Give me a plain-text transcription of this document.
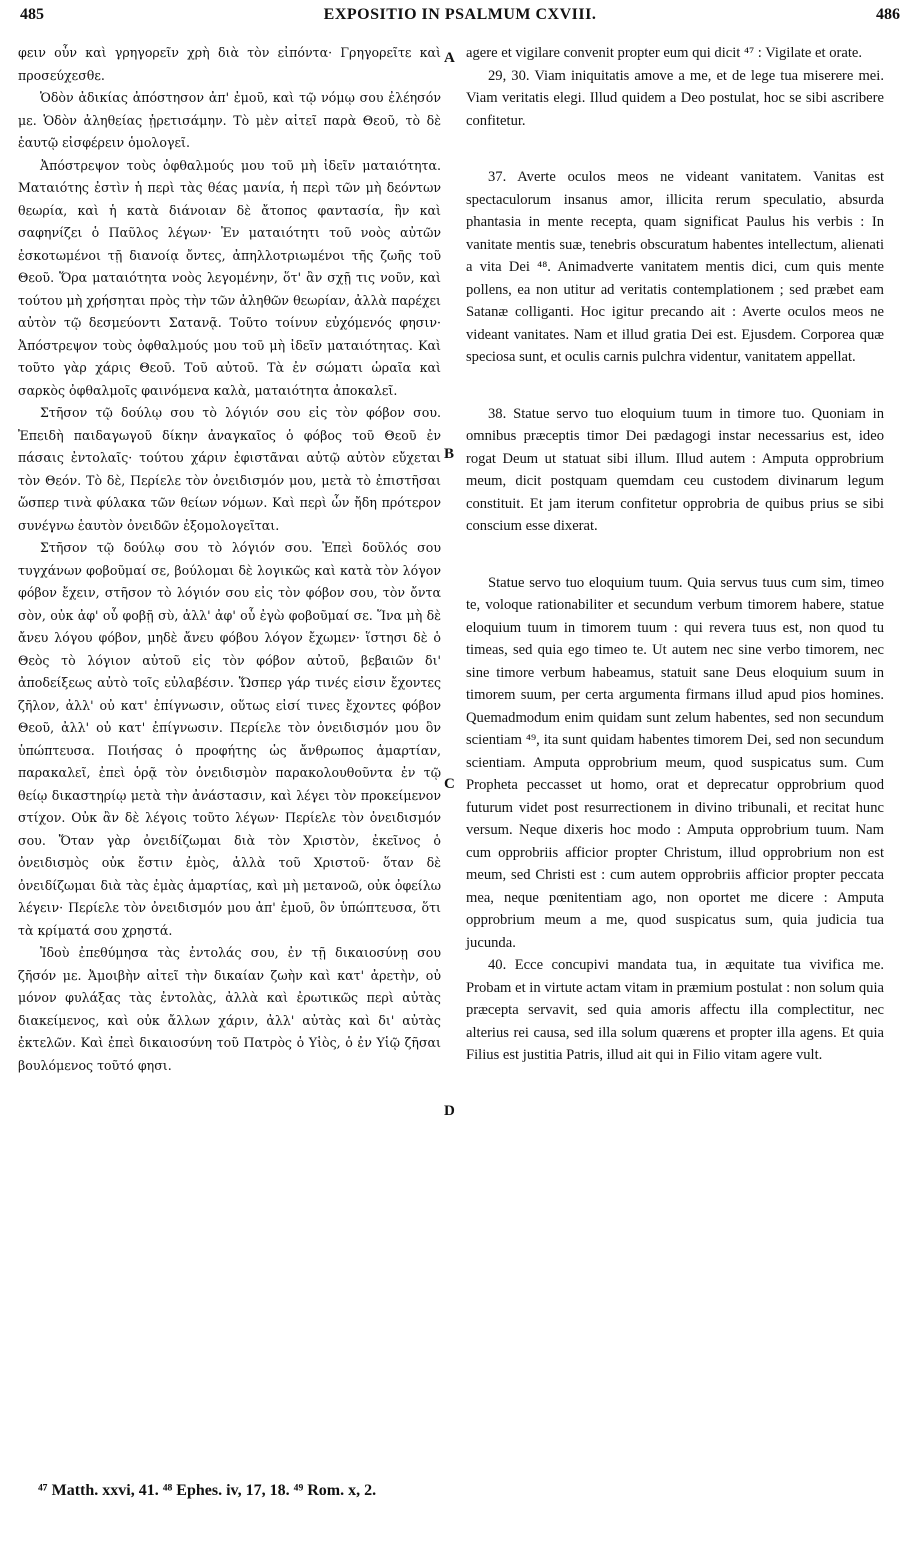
485	EXPOSITIO IN PSALMUM CXVIII.	486

φειν οὖν καὶ γρηγορεῖν χρὴ διὰ τὸν εἰπόντα· Γρηγορεῖτε καὶ προσεύχεσθε.

Ὁδὸν ἀδικίας ἀπόστησον ἀπ' ἐμοῦ, καὶ τῷ νόμῳ σου ἐλέησόν με. Ὁδὸν ἀληθείας ᾑρετισάμην. Τὸ μὲν αἰτεῖ παρὰ Θεοῦ, τὸ δὲ ἑαυτῷ εἰσφέρειν ὁμολογεῖ.

Ἀπόστρεψον τοὺς ὀφθαλμούς μου τοῦ μὴ ἰδεῖν ματαιότητα. Ματαιότης ἐστὶν ἡ περὶ τὰς θέας μανία, ἡ περὶ τῶν μὴ δεόντων θεωρία, καὶ ἡ κατὰ διάνοιαν δὲ ἄτοπος φαντασία, ἣν καὶ σαφηνίζει ὁ Παῦλος λέγων· Ἐν ματαιότητι τοῦ νοὸς αὐτῶν ἐσκοτωμένοι τῇ διανοίᾳ ὄντες, ἀπηλλοτριωμένοι τῆς ζωῆς τοῦ Θεοῦ. Ὅρα ματαιότητα νοὸς λεγομένην, ὅτ' ἂν σχῇ τις νοῦν, καὶ τούτου μὴ χρήσηται πρὸς τὴν τῶν ἀληθῶν θεωρίαν, ἀλλὰ παρέχει αὐτὸν τῷ δεσμεύοντι Σατανᾷ. Τοῦτο τοίνυν εὐχόμενός φησιν· Ἀπόστρεψον τοὺς ὀφθαλμούς μου τοῦ μὴ ἰδεῖν ματαιότητας. Καὶ τοῦτο γὰρ χάρις Θεοῦ. Τοῦ αὐτοῦ. Τὰ ἐν σώματι ὡραῖα καὶ σαρκὸς ὀφθαλμοῖς φαινόμενα καλὰ, ματαιότητα ἀποκαλεῖ.

Στῆσον τῷ δούλῳ σου τὸ λόγιόν σου εἰς τὸν φόβον σου. Ἐπειδὴ παιδαγωγοῦ δίκην ἀναγκαῖος ὁ φόβος τοῦ Θεοῦ ἐν πάσαις ἐντολαῖς· τούτου χάριν ἐφιστᾶναι αὐτῷ αὐτὸν εὔχεται τὸν Θεόν. Τὸ δὲ, Περίελε τὸν ὀνειδισμόν μου, μετὰ τὸ ἐπιστῆσαι ὥσπερ τινὰ φύλακα τῶν θείων νόμων. Καὶ περὶ ὧν ἤδη πρότερον συνέγνω ἑαυτὸν ὀνειδῶν ἐξομολογεῖται.

Στῆσον τῷ δούλῳ σου τὸ λόγιόν σου. Ἐπεὶ δοῦλός σου τυγχάνων φοβοῦμαί σε, βούλομαι δὲ λογικῶς καὶ κατὰ τὸν λόγον φόβον ἔχειν, στῆσον τὸ λόγιόν σου εἰς τὸν φόβον σου, τὸν ὄντα σὸν, οὐκ ἀφ' οὗ φοβῇ σὺ, ἀλλ' ἀφ' οὗ ἐγὼ φοβοῦμαί σε. Ἵνα μὴ δὲ ἄνευ λόγου φόβον, μηδὲ ἄνευ φόβου λόγον ἔχωμεν· ἵστησι δὲ ὁ Θεὸς τὸ λόγιον αὐτοῦ εἰς τὸν φόβον αὐτοῦ, βεβαιῶν δι' ἀποδείξεως αὐτὸ τοῖς εὐλαβέσιν. Ὥσπερ γάρ τινές εἰσιν ἔχοντες ζῆλον, ἀλλ' οὐ κατ' ἐπίγνωσιν, οὕτως εἰσί τινες ἔχοντες φόβον Θεοῦ, ἀλλ' οὐ κατ' ἐπίγνωσιν. Περίελε τὸν ὀνειδισμόν μου ὃν ὑπώπτευσα. Ποιήσας ὁ προφήτης ὡς ἄνθρωπος ἁμαρτίαν, παρακαλεῖ, ἐπεὶ ὁρᾷ τὸν ὀνειδισμὸν παρακολουθοῦντα ἐν τῷ θείῳ δικαστηρίῳ μετὰ τὴν ἀνάστασιν, καὶ λέγει τὸν προκείμενον στίχον. Οὐκ ἂν δὲ λέγοις τοῦτο λέγων· Περίελε τὸν ὀνειδισμόν σου. Ὅταν γὰρ ὀνειδίζωμαι διὰ τὸν Χριστὸν, ἐκεῖνος ὁ ὀνειδισμὸς οὐκ ἔστιν ἐμὸς, ἀλλὰ τοῦ Χριστοῦ· ὅταν δὲ ὀνειδίζωμαι διὰ τὰς ἐμὰς ἁμαρτίας, καὶ μὴ μετανοῶ, οὐκ ὀφείλω λέγειν· Περίελε τὸν ὀνειδισμόν μου ἀπ' ἐμοῦ, ὃν ὑπώπτευσα, ὅτι τὰ κρίματά σου χρηστά.

Ἰδοὺ ἐπεθύμησα τὰς ἐντολάς σου, ἐν τῇ δικαιοσύνῃ σου ζῆσόν με. Ἀμοιβὴν αἰτεῖ τὴν δικαίαν ζωὴν καὶ κατ' ἀρετὴν, οὐ μόνον φυλάξας τὰς ἐντολὰς, ἀλλὰ καὶ ἐρωτικῶς περὶ αὐτὰς διακείμενος, καὶ οὐκ ἄλλων χάριν, ἀλλ' αὐτὰς καὶ δι' αὐτὰς ἐκτελῶν. Καὶ ἐπεὶ δικαιοσύνη τοῦ Πατρὸς ὁ Υἱὸς, ὁ ἐν Υἱῷ ζῆσαι βουλόμενος τοῦτό φησι.

A
B
C
D

agere et vigilare convenit propter eum qui dicit ⁴⁷ : Vigilate et orate.

29, 30. Viam iniquitatis amove a me, et de lege tua miserere mei. Viam veritatis elegi. Illud quidem a Deo postulat, hoc se sibi ascribere confitetur.

37. Averte oculos meos ne videant vanitatem. Vanitas est spectaculorum insanus amor, illicita rerum speculatio, absurda phantasia in mente recepta, quam significat Paulus his verbis : In vanitate mentis suæ, tenebris obscuratum habentes intellectum, alienati a vita Dei ⁴⁸. Animadverte vanitatem mentis dici, cum quis mente pollens, ea non utitur ad veritatis contemplationem ; sed præbet eam Satanæ colliganti. Hoc igitur precando ait : Averte oculos meos ne videant vanitates. Nam et illud gratia Dei est. Ejusdem. Corporea quæ speciosa sunt, et oculis carnis pulchra videntur, vanitatem appellat.

38. Statue servo tuo eloquium tuum in timore tuo. Quoniam in omnibus præceptis timor Dei pædagogi instar necessarius est, ideo rogat Deum ut statuat sibi illum. Illud autem : Amputa opprobrium meum, dicit postquam quemdam ceu custodem divinarum legum constituit. Et jam iterum confitetur opprobria de quibus prius se sibi conscium esse dixerat.

Statue servo tuo eloquium tuum. Quia servus tuus cum sim, timeo te, voloque rationabiliter et secundum verbum timorem habere, statue eloquium tuum in timorem tuum : qui revera tuus est, non quod tu timeas, sed quia ego timeo te. Ut autem nec sine verbo timorem, nec sine timore verbum habeamus, statuit sane Deus eloquium suum in timorem suum, per certa argumenta firmans illud apud pios homines. Quemadmodum enim quidam sunt zelum habentes, sed non secundum scientiam ⁴⁹, ita sunt quidam habentes timorem Dei, sed non secundum scientiam. Amputa opprobrium meum, quod suspicatus sum. Cum Propheta peccasset ut homo, orat et deprecatur opprobrium quod futurum videt post resurrectionem in divino tribunali, et recitat hunc versum. Neque dixeris hoc modo : Amputa opprobrium tuum. Nam cum opprobriis afficior propter Christum, illud opprobrium non est meum, sed Christi est : cum autem opprobriis afficior propter peccata mea, neque pœnitentiam ago, non oportet me dicere : Amputa opprobrium meum a me, quod suspicatus sum, quia judicia tua jucunda.

40. Ecce concupivi mandata tua, in æquitate tua vivifica me. Probam et in virtute actam vitam in præmium postulat : non solum quia præcepta servavit, sed quia amoris affectu illa complectitur, nec alterius rei causa, sed illa solum quærens et propter illa agens. Et quia Filius est justitia Patris, illud ait qui in Filio vitam agere vult.

⁴⁷ Matth. xxvi, 41. ⁴⁸ Ephes. iv, 17, 18. ⁴⁹ Rom. x, 2.
